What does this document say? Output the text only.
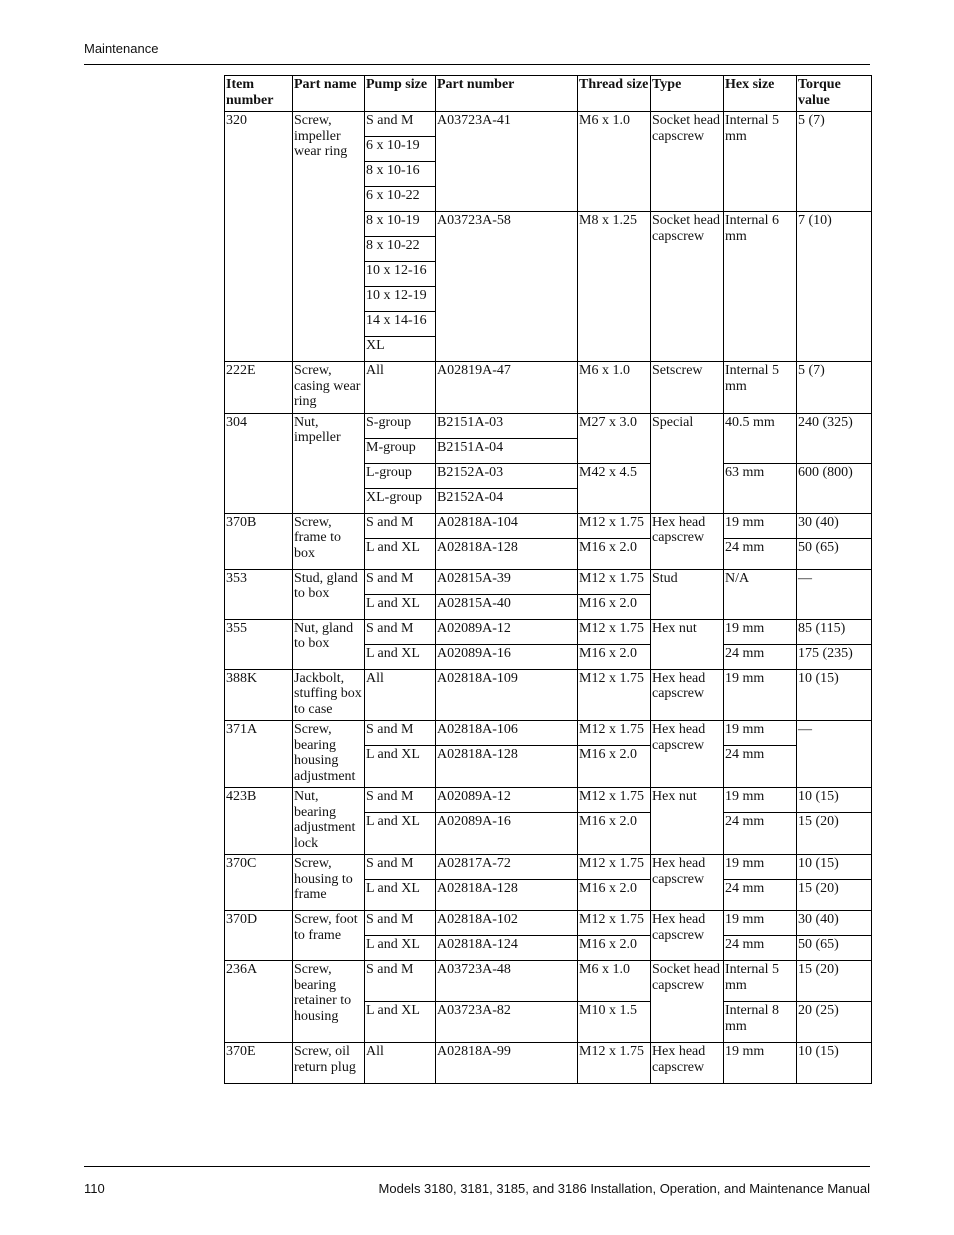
Maintenance
Item number	Part name	Pump size	Part number	Thread size	Type	Hex size	Torque value
320	Screw, impeller wear ring	S and M	A03723A-41	M6 x 1.0	Socket head capscrew	Internal 5 mm	5 (7)
		6 x 10-19					
		8 x 10-16					
		6 x 10-22					
		8 x 10-19	A03723A-58	M8 x 1.25	Socket head capscrew	Internal 6 mm	7 (10)
		8 x 10-22					
		10 x 12-16					
		10 x 12-19					
		14 x 14-16					
		XL					
222E	Screw, casing wear ring	All	A02819A-47	M6 x 1.0	Setscrew	Internal 5 mm	5 (7)
304	Nut, impeller	S-group	B2151A-03	M27 x 3.0	Special	40.5 mm	240 (325)
		M-group	B2151A-04				
		L-group	B2152A-03	M42 x 4.5		63 mm	600 (800)
		XL-group	B2152A-04				
370B	Screw, frame to box	S and M	A02818A-104	M12 x 1.75	Hex head capscrew	19 mm	30 (40)
		L and XL	A02818A-128	M16 x 2.0		24 mm	50 (65)
353	Stud, gland to box	S and M	A02815A-39	M12 x 1.75	Stud	N/A	—
		L and XL	A02815A-40	M16 x 2.0			
355	Nut, gland to box	S and M	A02089A-12	M12 x 1.75	Hex nut	19 mm	85 (115)
		L and XL	A02089A-16	M16 x 2.0		24 mm	175 (235)
388K	Jackbolt, stuffing box to case	All	A02818A-109	M12 x 1.75	Hex head capscrew	19 mm	10 (15)
371A	Screw, bearing housing adjustment	S and M	A02818A-106	M12 x 1.75	Hex head capscrew	19 mm	—
		L and XL	A02818A-128	M16 x 2.0		24 mm	
423B	Nut, bearing adjustment lock	S and M	A02089A-12	M12 x 1.75	Hex nut	19 mm	10 (15)
		L and XL	A02089A-16	M16 x 2.0		24 mm	15 (20)
370C	Screw, housing to frame	S and M	A02817A-72	M12 x 1.75	Hex head capscrew	19 mm	10 (15)
		L and XL	A02818A-128	M16 x 2.0		24 mm	15 (20)
370D	Screw, foot to frame	S and M	A02818A-102	M12 x 1.75	Hex head capscrew	19 mm	30 (40)
		L and XL	A02818A-124	M16 x 2.0		24 mm	50 (65)
236A	Screw, bearing retainer to housing	S and M	A03723A-48	M6 x 1.0	Socket head capscrew	Internal 5 mm	15 (20)
		L and XL	A03723A-82	M10 x 1.5		Internal 8 mm	20 (25)
370E	Screw, oil return plug	All	A02818A-99	M12 x 1.75	Hex head capscrew	19 mm	10 (15)
110	Models 3180, 3181, 3185, and 3186 Installation, Operation, and Maintenance Manual
